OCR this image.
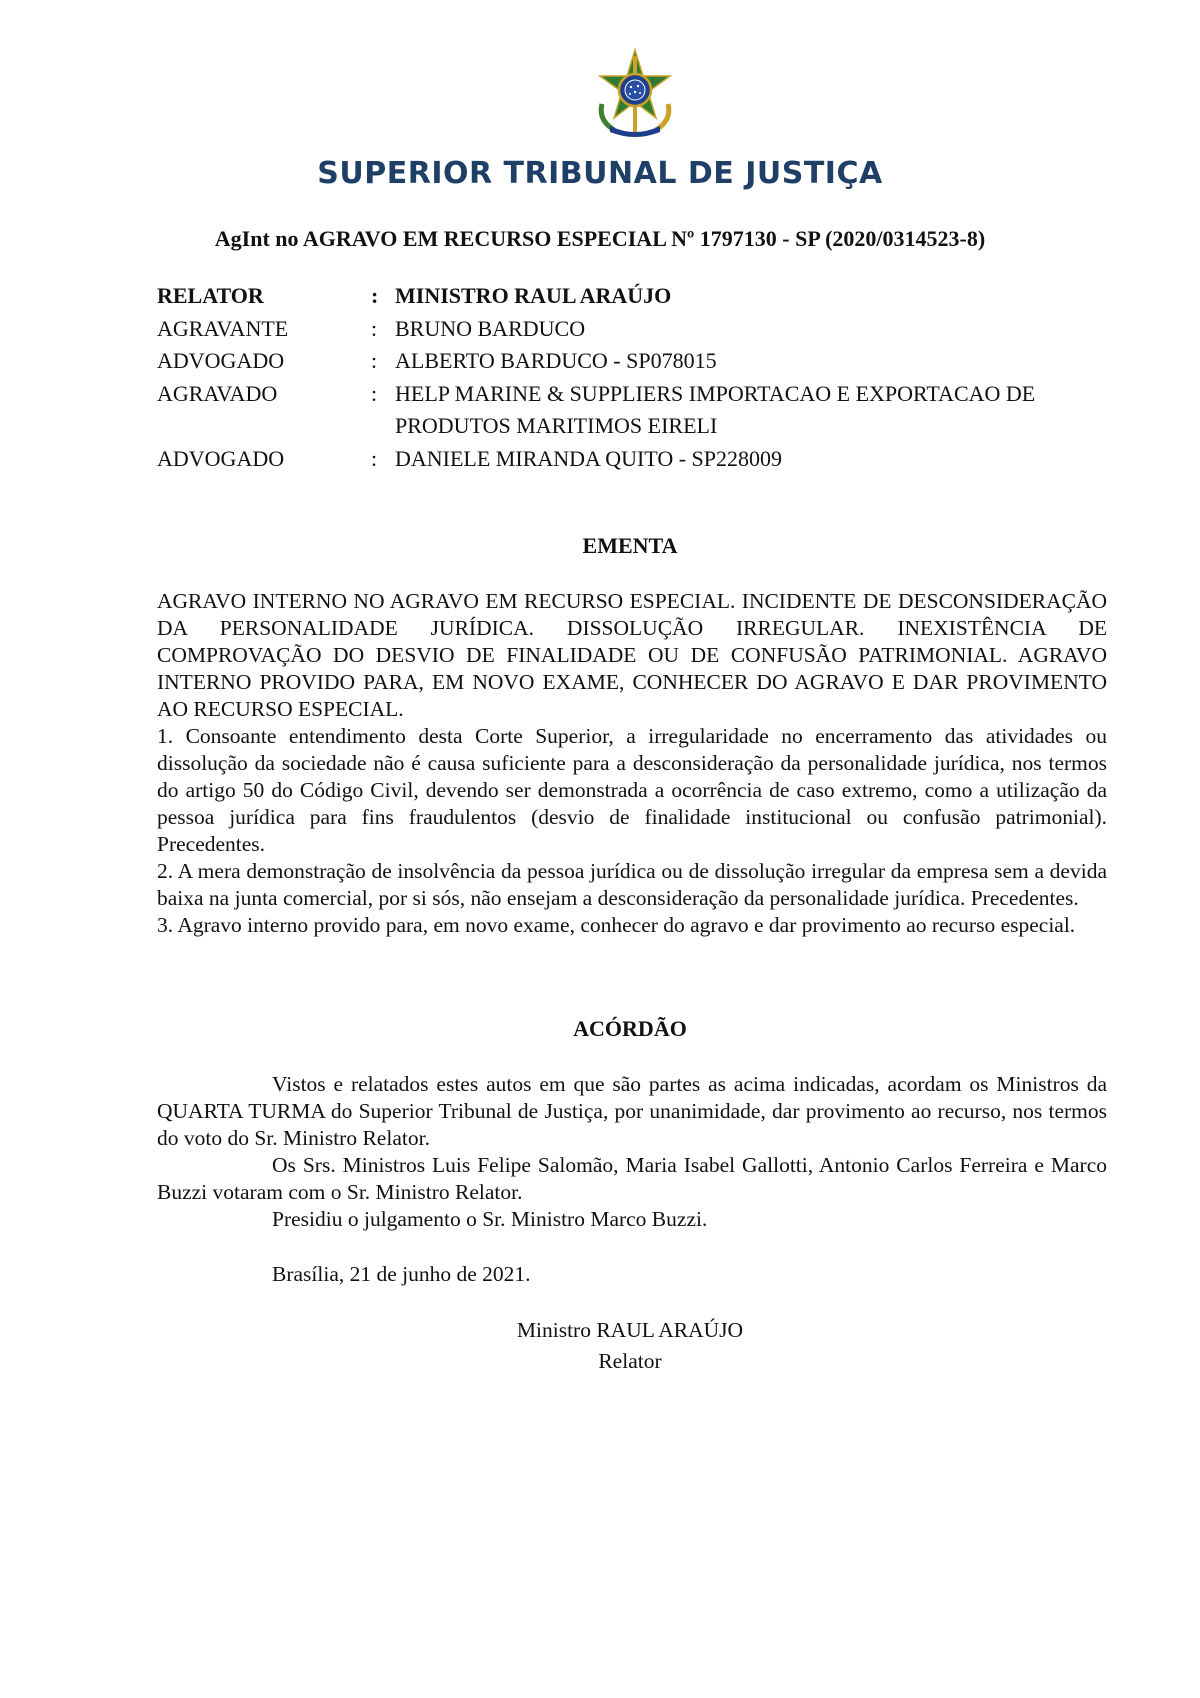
SUPERIOR TRIBUNAL DE JUSTIÇA
AgInt no AGRAVO EM RECURSO ESPECIAL Nº 1797130 - SP (2020/0314523-8)
RELATOR	: MINISTRO RAUL ARAÚJO
AGRAVANTE	: BRUNO BARDUCO
ADVOGADO	: ALBERTO BARDUCO - SP078015
AGRAVADO	: HELP MARINE & SUPPLIERS IMPORTACAO E EXPORTACAO DE PRODUTOS MARITIMOS EIRELI
ADVOGADO	: DANIELE MIRANDA QUITO - SP228009
EMENTA

AGRAVO INTERNO NO AGRAVO EM RECURSO ESPECIAL. INCIDENTE DE DESCONSIDERAÇÃO DA PERSONALIDADE JURÍDICA. DISSOLUÇÃO IRREGULAR. INEXISTÊNCIA DE COMPROVAÇÃO DO DESVIO DE FINALIDADE OU DE CONFUSÃO PATRIMONIAL. AGRAVO INTERNO PROVIDO PARA, EM NOVO EXAME, CONHECER DO AGRAVO E DAR PROVIMENTO AO RECURSO ESPECIAL.

1. Consoante entendimento desta Corte Superior, a irregularidade no encerramento das atividades ou dissolução da sociedade não é causa suficiente para a desconsideração da personalidade jurídica, nos termos do artigo 50 do Código Civil, devendo ser demonstrada a ocorrência de caso extremo, como a utilização da pessoa jurídica para fins fraudulentos (desvio de finalidade institucional ou confusão patrimonial). Precedentes.

2. A mera demonstração de insolvência da pessoa jurídica ou de dissolução irregular da empresa sem a devida baixa na junta comercial, por si sós, não ensejam a desconsideração da personalidade jurídica. Precedentes.

3. Agravo interno provido para, em novo exame, conhecer do agravo e dar provimento ao recurso especial.

ACÓRDÃO

Vistos e relatados estes autos em que são partes as acima indicadas, acordam os Ministros da QUARTA TURMA do Superior Tribunal de Justiça, por unanimidade, dar provimento ao recurso, nos termos do voto do Sr. Ministro Relator.

Os Srs. Ministros Luis Felipe Salomão, Maria Isabel Gallotti, Antonio Carlos Ferreira e Marco Buzzi votaram com o Sr. Ministro Relator.

Presidiu o julgamento o Sr. Ministro Marco Buzzi.

Brasília, 21 de junho de 2021.
Ministro RAUL ARAÚJO
Relator
